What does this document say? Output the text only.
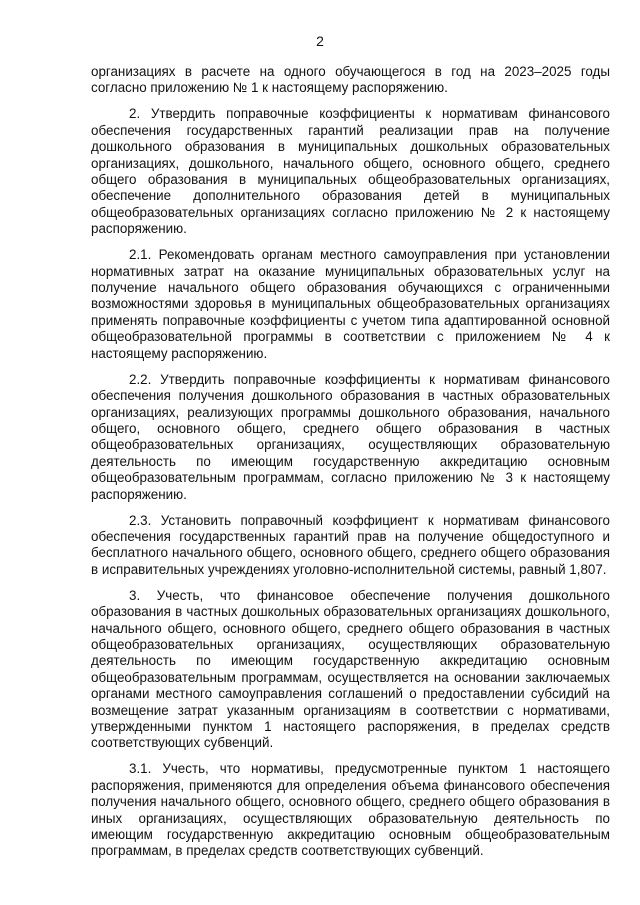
2

организациях в расчете на одного обучающегося в год на 2023–2025 годы согласно приложению № 1 к настоящему распоряжению.

2. Утвердить поправочные коэффициенты к нормативам финансового обеспечения государственных гарантий реализации прав на получение дошкольного образования в муниципальных дошкольных образовательных организациях, дошкольного, начального общего, основного общего, среднего общего образования в муниципальных общеобразовательных организациях, обеспечение дополнительного образования детей в муниципальных общеобразовательных организациях согласно приложению № 2 к настоящему распоряжению.

2.1. Рекомендовать органам местного самоуправления при установлении нормативных затрат на оказание муниципальных образовательных услуг на получение начального общего образования обучающихся с ограниченными возможностями здоровья в муниципальных общеобразовательных организациях применять поправочные коэффициенты с учетом типа адаптированной основной общеобразовательной программы в соответствии с приложением № 4 к настоящему распоряжению.

2.2. Утвердить поправочные коэффициенты к нормативам финансового обеспечения получения дошкольного образования в частных образовательных организациях, реализующих программы дошкольного образования, начального общего, основного общего, среднего общего образования в частных общеобразовательных организациях, осуществляющих образовательную деятельность по имеющим государственную аккредитацию основным общеобразовательным программам, согласно приложению № 3 к настоящему распоряжению.

2.3. Установить поправочный коэффициент к нормативам финансового обеспечения государственных гарантий прав на получение общедоступного и бесплатного начального общего, основного общего, среднего общего образования в исправительных учреждениях уголовно-исполнительной системы, равный 1,807.

3. Учесть, что финансовое обеспечение получения дошкольного образования в частных дошкольных образовательных организациях дошкольного, начального общего, основного общего, среднего общего образования в частных общеобразовательных организациях, осуществляющих образовательную деятельность по имеющим государственную аккредитацию основным общеобразовательным программам, осуществляется на основании заключаемых органами местного самоуправления соглашений о предоставлении субсидий на возмещение затрат указанным организациям в соответствии с нормативами, утвержденными пунктом 1 настоящего распоряжения, в пределах средств соответствующих субвенций.

3.1. Учесть, что нормативы, предусмотренные пунктом 1 настоящего распоряжения, применяются для определения объема финансового обеспечения получения начального общего, основного общего, среднего общего образования в иных организациях, осуществляющих образовательную деятельность по имеющим государственную аккредитацию основным общеобразовательным программам, в пределах средств соответствующих субвенций.
